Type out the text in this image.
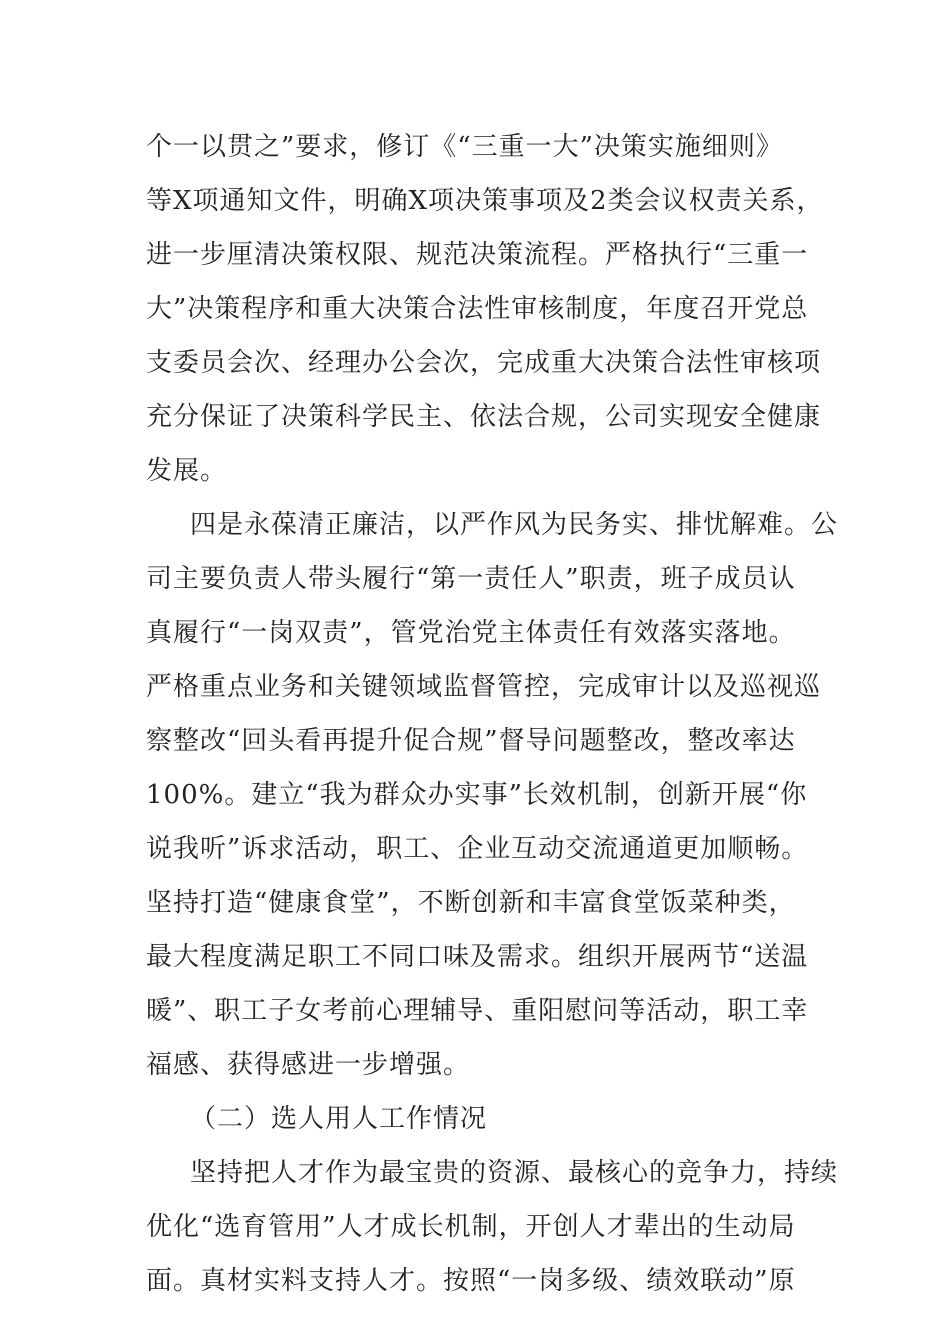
个一以贯之”要求，修订《“三重一大”决策实施细则》
等X项通知文件，明确X项决策事项及2类会议权责关系，
进一步厘清决策权限、规范决策流程。严格执行“三重一
大”决策程序和重大决策合法性审核制度，年度召开党总
支委员会次、经理办公会次，完成重大决策合法性审核项
充分保证了决策科学民主、依法合规，公司实现安全健康
发展。
四是永葆清正廉洁，以严作风为民务实、排忧解难。公
司主要负责人带头履行“第一责任人”职责，班子成员认
真履行“一岗双责”，管党治党主体责任有效落实落地。
严格重点业务和关键领域监督管控，完成审计以及巡视巡
察整改“回头看再提升促合规”督导问题整改，整改率达
100%。建立“我为群众办实事”长效机制，创新开展“你
说我听”诉求活动，职工、企业互动交流通道更加顺畅。
坚持打造“健康食堂”，不断创新和丰富食堂饭菜种类，
最大程度满足职工不同口味及需求。组织开展两节“送温
暖”、职工子女考前心理辅导、重阳慰问等活动，职工幸
福感、获得感进一步增强。
（二）选人用人工作情况
坚持把人才作为最宝贵的资源、最核心的竞争力，持续
优化“选育管用”人才成长机制，开创人才辈出的生动局
面。真材实料支持人才。按照“一岗多级、绩效联动”原
